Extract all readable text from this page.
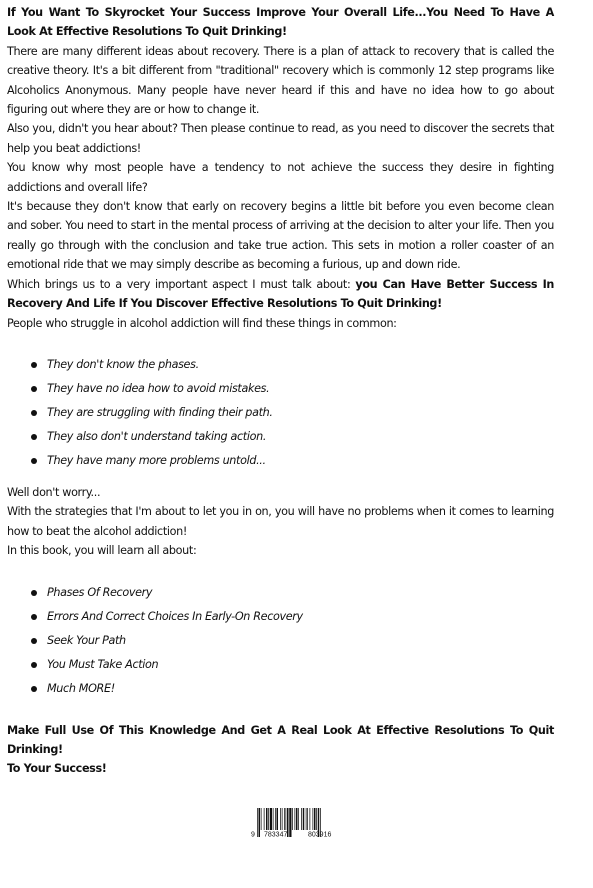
If You Want To Skyrocket Your Success Improve Your Overall Life...You Need To Have A Look At Effective Resolutions To Quit Drinking!

There are many different ideas about recovery. There is a plan of attack to recovery that is called the creative theory. It's a bit different from "traditional" recovery which is commonly 12 step programs like Alcoholics Anonymous. Many people have never heard if this and have no idea how to go about figuring out where they are or how to change it.

Also you, didn't you hear about? Then please continue to read, as you need to discover the secrets that help you beat addictions!

You know why most people have a tendency to not achieve the success they desire in fighting addictions and overall life?

It's because they don't know that early on recovery begins a little bit before you even become clean and sober. You need to start in the mental process of arriving at the decision to alter your life. Then you really go through with the conclusion and take true action. This sets in motion a roller coaster of an emotional ride that we may simply describe as becoming a furious, up and down ride.

Which brings us to a very important aspect I must talk about: you Can Have Better Success In Recovery And Life If You Discover Effective Resolutions To Quit Drinking!

People who struggle in alcohol addiction will find these things in common:

They don't know the phases.
They have no idea how to avoid mistakes.
They are struggling with finding their path.
They also don't understand taking action.
They have many more problems untold...

Well don't worry...

With the strategies that I'm about to let you in on, you will have no problems when it comes to learning how to beat the alcohol addiction!

In this book, you will learn all about:

Phases Of Recovery
Errors And Correct Choices In Early-On Recovery
Seek Your Path
You Must Take Action
Much MORE!

Make Full Use Of This Knowledge And Get A Real Look At Effective Resolutions To Quit Drinking!

To Your Success!

9 783347	803916
